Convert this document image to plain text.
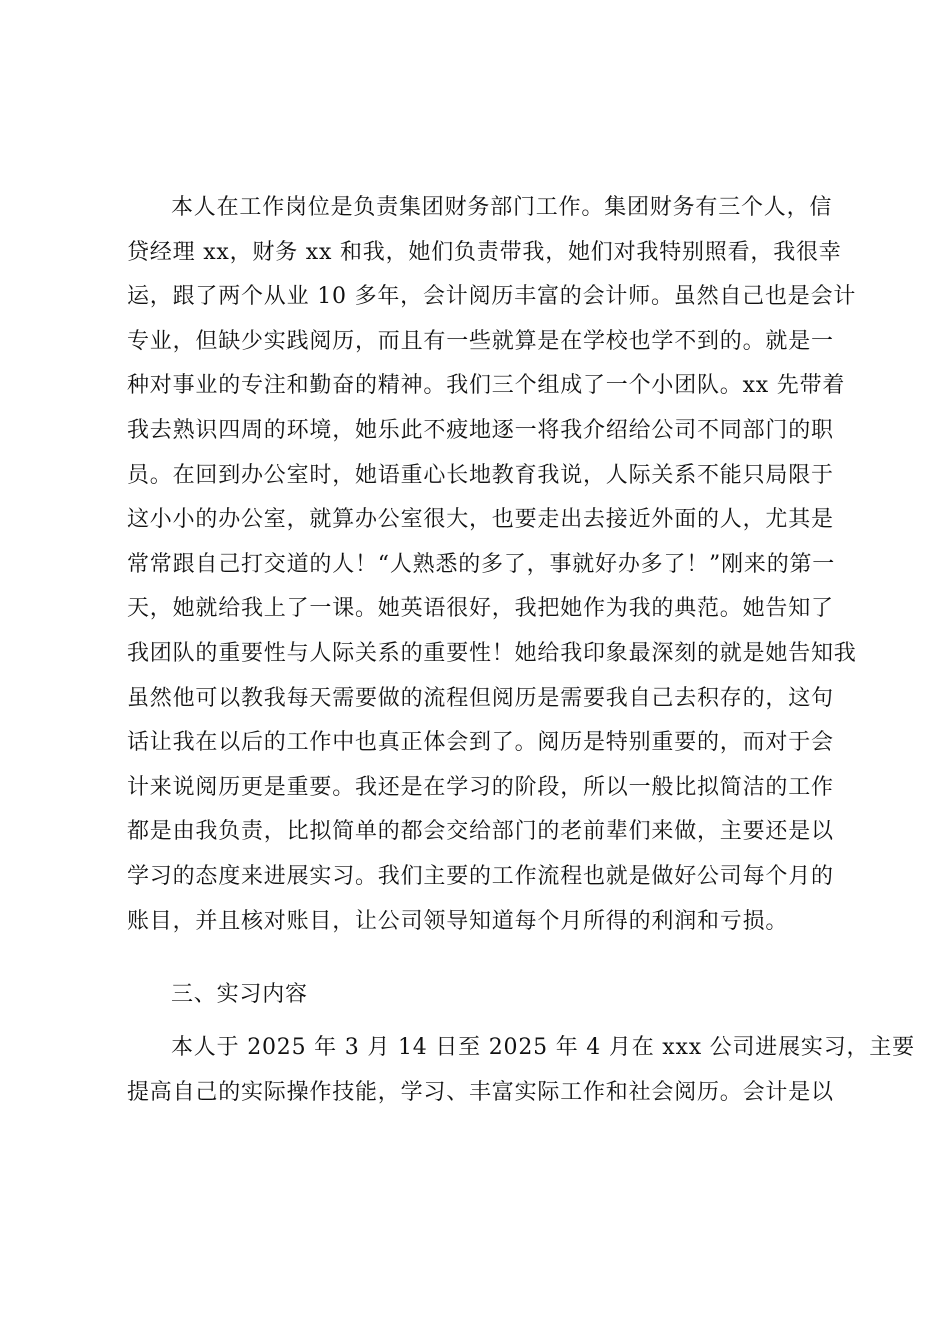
本人在工作岗位是负责集团财务部门工作。集团财务有三个人，信
贷经理 xx，财务 xx 和我，她们负责带我，她们对我特别照看，我很幸
运，跟了两个从业 10 多年，会计阅历丰富的会计师。虽然自己也是会计
专业，但缺少实践阅历，而且有一些就算是在学校也学不到的。就是一
种对事业的专注和勤奋的精神。我们三个组成了一个小团队。xx 先带着
我去熟识四周的环境，她乐此不疲地逐一将我介绍给公司不同部门的职
员。在回到办公室时，她语重心长地教育我说，人际关系不能只局限于
这小小的办公室，就算办公室很大，也要走出去接近外面的人，尤其是
常常跟自己打交道的人！“人熟悉的多了，事就好办多了！”刚来的第一
天，她就给我上了一课。她英语很好，我把她作为我的典范。她告知了
我团队的重要性与人际关系的重要性！她给我印象最深刻的就是她告知我
虽然他可以教我每天需要做的流程但阅历是需要我自己去积存的，这句
话让我在以后的工作中也真正体会到了。阅历是特别重要的，而对于会
计来说阅历更是重要。我还是在学习的阶段，所以一般比拟简洁的工作
都是由我负责，比拟简单的都会交给部门的老前辈们来做，主要还是以
学习的态度来进展实习。我们主要的工作流程也就是做好公司每个月的
账目，并且核对账目，让公司领导知道每个月所得的利润和亏损。
三、实习内容
本人于 2025 年 3 月 14 日至 2025 年 4 月在 xxx 公司进展实习，主要
提高自己的实际操作技能，学习、丰富实际工作和社会阅历。会计是以
